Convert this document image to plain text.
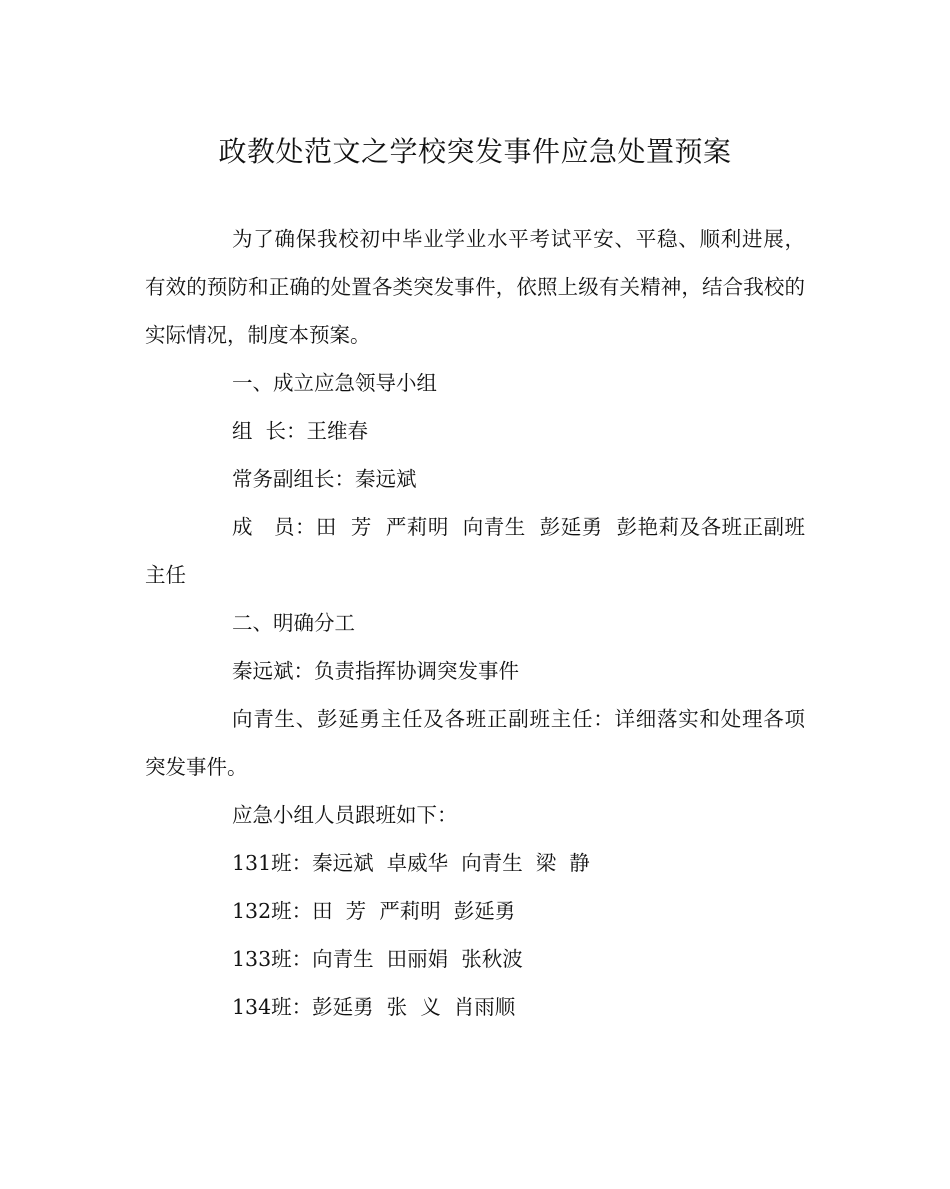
政教处范文之学校突发事件应急处置预案

为了确保我校初中毕业学业水平考试平安、平稳、顺利进展，有效的预防和正确的处置各类突发事件，依照上级有关精神，结合我校的实际情况，制度本预案。

一、成立应急领导小组

组  长：王维春

常务副组长：秦远斌

成   员：田  芳  严莉明  向青生  彭延勇  彭艳莉及各班正副班主任

二、明确分工

秦远斌：负责指挥协调突发事件

向青生、彭延勇主任及各班正副班主任：详细落实和处理各项突发事件。

应急小组人员跟班如下：

131班：秦远斌  卓威华  向青生  梁  静

132班：田  芳  严莉明  彭延勇

133班：向青生  田丽娟  张秋波

134班：彭延勇  张  义  肖雨顺
